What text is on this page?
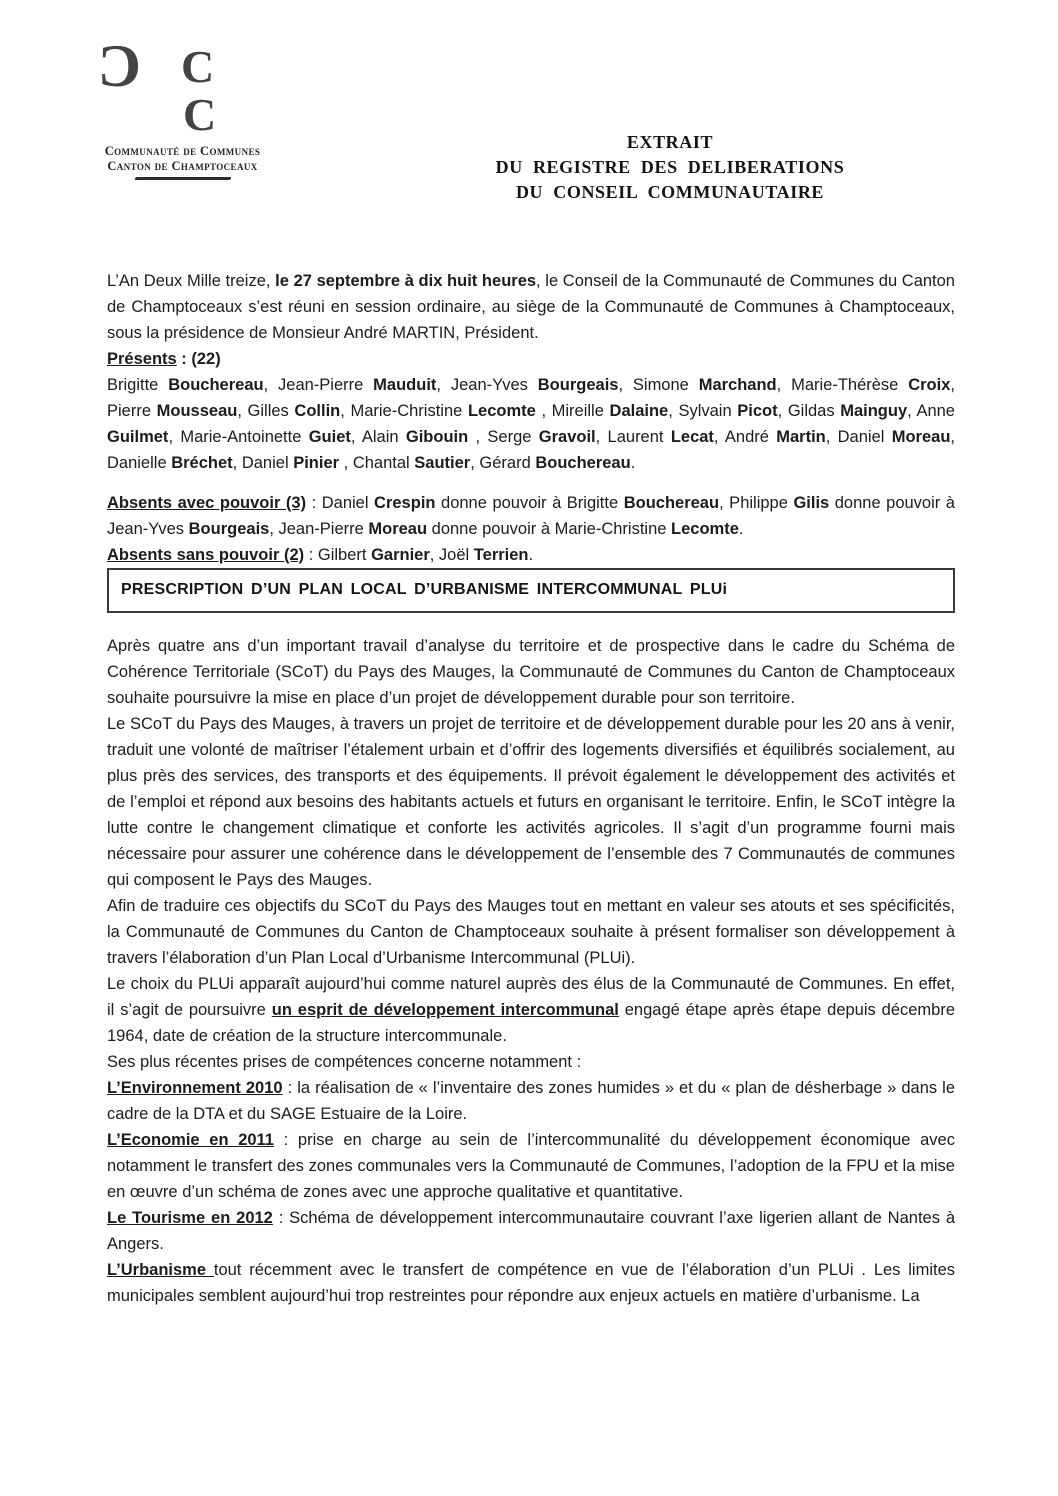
C C
C
Communauté de Communes
Canton de Champtoceaux
EXTRAIT
DU REGISTRE DES DELIBERATIONS
DU CONSEIL COMMUNAUTAIRE

L’An Deux Mille treize, le 27 septembre à dix huit heures, le Conseil de la Communauté de Communes du Canton de Champtoceaux s’est réuni en session ordinaire, au siège de la Communauté de Communes à Champtoceaux, sous la présidence de Monsieur André MARTIN, Président.

Présents : (22)

Brigitte Bouchereau, Jean-Pierre Mauduit, Jean-Yves Bourgeais, Simone Marchand, Marie-Thérèse Croix, Pierre Mousseau, Gilles Collin, Marie-Christine Lecomte , Mireille Dalaine, Sylvain Picot, Gildas Mainguy, Anne Guilmet, Marie-Antoinette Guiet, Alain Gibouin , Serge Gravoil, Laurent Lecat, André Martin, Daniel Moreau, Danielle Bréchet, Daniel Pinier , Chantal Sautier, Gérard Bouchereau.

Absents avec pouvoir (3) : Daniel Crespin donne pouvoir à Brigitte Bouchereau, Philippe Gilis donne pouvoir à Jean-Yves Bourgeais, Jean-Pierre Moreau donne pouvoir à Marie-Christine Lecomte.

Absents sans pouvoir (2) : Gilbert Garnier, Joël Terrien.

PRESCRIPTION D’UN PLAN LOCAL D’URBANISME INTERCOMMUNAL PLUi

Après quatre ans d’un important travail d’analyse du territoire et de prospective dans le cadre du Schéma de Cohérence Territoriale (SCoT) du Pays des Mauges, la Communauté de Communes du Canton de Champtoceaux souhaite poursuivre la mise en place d’un projet de développement durable pour son territoire.

Le SCoT du Pays des Mauges, à travers un projet de territoire et de développement durable pour les 20 ans à venir, traduit une volonté de maîtriser l’étalement urbain et d’offrir des logements diversifiés et équilibrés socialement, au plus près des services, des transports et des équipements. Il prévoit également le développement des activités et de l’emploi et répond aux besoins des habitants actuels et futurs en organisant le territoire. Enfin, le SCoT intègre la lutte contre le changement climatique et conforte les activités agricoles. Il s’agit d’un programme fourni mais nécessaire pour assurer une cohérence dans le développement de l’ensemble des 7 Communautés de communes qui composent le Pays des Mauges.

Afin de traduire ces objectifs du SCoT du Pays des Mauges tout en mettant en valeur ses atouts et ses spécificités, la Communauté de Communes du Canton de Champtoceaux souhaite à présent formaliser son développement à travers l’élaboration d’un Plan Local d’Urbanisme Intercommunal (PLUi).

Le choix du PLUi apparaît aujourd’hui comme naturel auprès des élus de la Communauté de Communes. En effet, il s’agit de poursuivre un esprit de développement intercommunal engagé étape après étape depuis décembre 1964, date de création de la structure intercommunale.

Ses plus récentes prises de compétences concerne notamment :

L’Environnement 2010 : la réalisation de « l’inventaire des zones humides » et du « plan de désherbage » dans le cadre de la DTA et du SAGE Estuaire de la Loire.

L’Economie en 2011 : prise en charge au sein de l’intercommunalité du développement économique avec notamment le transfert des zones communales vers la Communauté de Communes, l’adoption de la FPU et la mise en œuvre d’un schéma de zones avec une approche qualitative et quantitative.

Le Tourisme en 2012 : Schéma de développement intercommunautaire couvrant l’axe ligerien allant de Nantes à Angers.

L’Urbanisme tout récemment avec le transfert de compétence en vue de l’élaboration d’un PLUi . Les limites municipales semblent aujourd’hui trop restreintes pour répondre aux enjeux actuels en matière d’urbanisme. La
